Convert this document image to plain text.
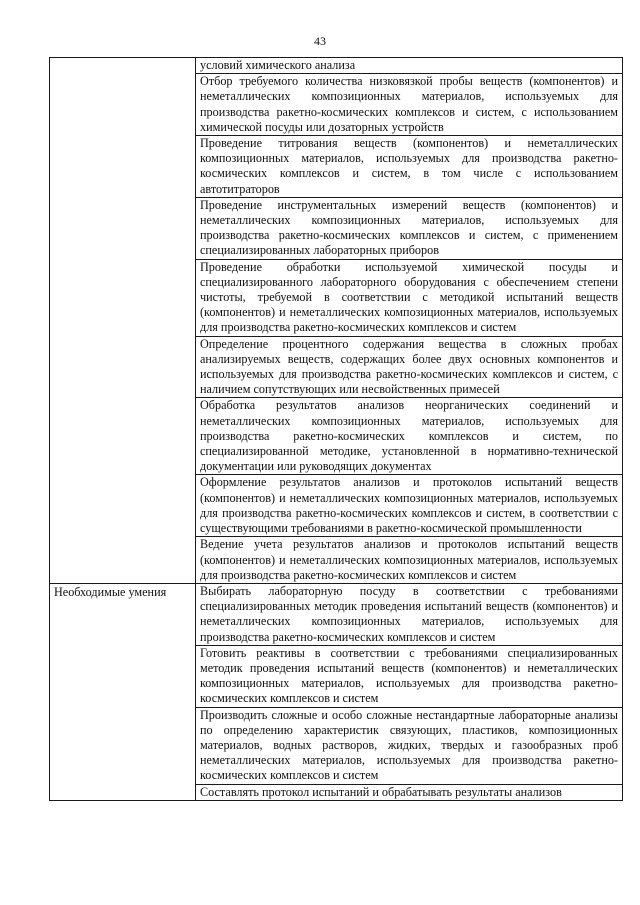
43

	условий химического анализа

	Отбор требуемого количества низковязкой пробы веществ (компонентов) и неметаллических композиционных материалов, используемых для производства ракетно-космических комплексов и систем, с использованием химической посуды или дозаторных устройств

	Проведение титрования веществ (компонентов) и неметаллических композиционных материалов, используемых для производства ракетно-космических комплексов и систем, в том числе с использованием автотитраторов

	Проведение инструментальных измерений веществ (компонентов) и неметаллических композиционных материалов, используемых для производства ракетно-космических комплексов и систем, с применением специализированных лабораторных приборов

	Проведение обработки используемой химической посуды и специализированного лабораторного оборудования с обеспечением степени чистоты, требуемой в соответствии с методикой испытаний веществ (компонентов) и неметаллических композиционных материалов, используемых для производства ракетно-космических комплексов и систем

	Определение процентного содержания вещества в сложных пробах анализируемых веществ, содержащих более двух основных компонентов и используемых для производства ракетно-космических комплексов и систем, с наличием сопутствующих или несвойственных примесей

	Обработка результатов анализов неорганических соединений и неметаллических композиционных материалов, используемых для производства ракетно-космических комплексов и систем, по специализированной методике, установленной в нормативно-технической документации или руководящих документах

	Оформление результатов анализов и протоколов испытаний веществ (компонентов) и неметаллических композиционных материалов, используемых для производства ракетно-космических комплексов и систем, в соответствии с существующими требованиями в ракетно-космической промышленности

	Ведение учета результатов анализов и протоколов испытаний веществ (компонентов) и неметаллических композиционных материалов, используемых для производства ракетно-космических комплексов и систем

Необходимые умения	Выбирать лабораторную посуду в соответствии с требованиями специализированных методик проведения испытаний веществ (компонентов) и неметаллических композиционных материалов, используемых для производства ракетно-космических комплексов и систем

	Готовить реактивы в соответствии с требованиями специализированных методик проведения испытаний веществ (компонентов) и неметаллических композиционных материалов, используемых для производства ракетно-космических комплексов и систем

	Производить сложные и особо сложные нестандартные лабораторные анализы по определению характеристик связующих, пластиков, композиционных материалов, водных растворов, жидких, твердых и газообразных проб неметаллических материалов, используемых для производства ракетно-космических комплексов и систем

	Составлять протокол испытаний и обрабатывать результаты анализов
